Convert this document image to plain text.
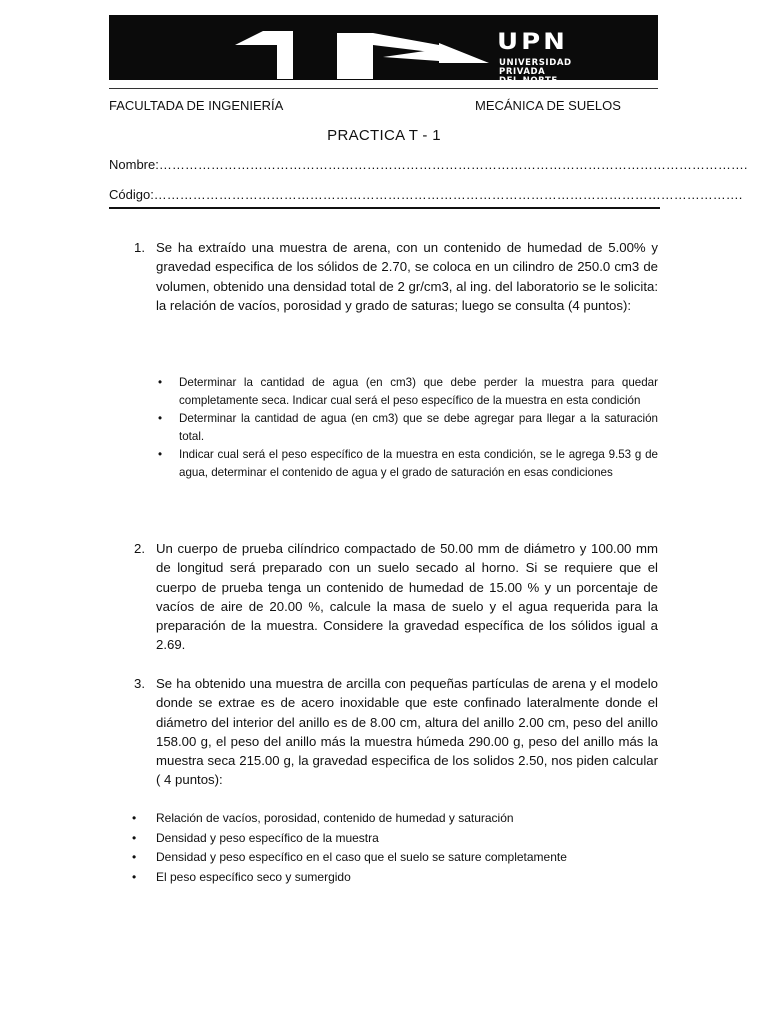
UPN
UNIVERSIDAD
PRIVADA
DEL NORTE
FACULTADA DE INGENIERÍA	MECÁNICA DE SUELOS
PRACTICA T - 1
Nombre:……………………………………………………………………………………………………………………….
Código:……………………………………………………………………………………………………………………….
1. Se ha extraído una muestra de arena, con un contenido de humedad de 5.00% y gravedad especifica de los sólidos de 2.70, se coloca en un cilindro de 250.0 cm3 de volumen, obtenido una densidad total de 2 gr/cm3, al ing. del laboratorio se le solicita: la relación de vacíos, porosidad y grado de saturas; luego se consulta (4 puntos):
• Determinar la cantidad de agua (en cm3) que debe perder la muestra para quedar completamente seca. Indicar cual será el peso específico de la muestra en esta condición
• Determinar la cantidad de agua (en cm3) que se debe agregar para llegar a la saturación total.
• Indicar cual será el peso específico de la muestra en esta condición, se le agrega 9.53 g de agua, determinar el contenido de agua y el grado de saturación en esas condiciones
2. Un cuerpo de prueba cilíndrico compactado de 50.00 mm de diámetro y 100.00 mm de longitud será preparado con un suelo secado al horno. Si se requiere que el cuerpo de prueba tenga un contenido de humedad de 15.00 % y un porcentaje de vacíos de aire de 20.00 %, calcule la masa de suelo y el agua requerida para la preparación de la muestra. Considere la gravedad específica de los sólidos igual a 2.69.
3. Se ha obtenido una muestra de arcilla con pequeñas partículas de arena y el modelo donde se extrae es de acero inoxidable que este confinado lateralmente donde el diámetro del interior del anillo es de 8.00 cm, altura del anillo 2.00 cm, peso del anillo 158.00 g, el peso del anillo más la muestra húmeda 290.00 g, peso del anillo más la muestra seca 215.00 g, la gravedad especifica de los solidos 2.50, nos piden calcular ( 4 puntos):
• Relación de vacíos, porosidad, contenido de humedad y saturación
• Densidad y peso específico de la muestra
• Densidad y peso específico en el caso que el suelo se sature completamente
• El peso específico seco y sumergido
